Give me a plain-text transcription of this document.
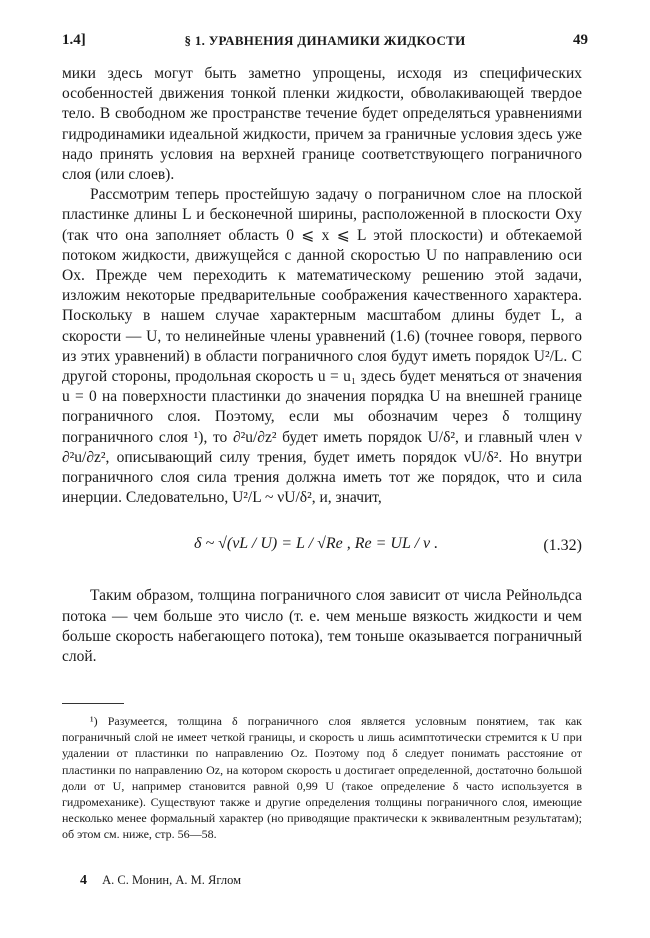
1.4]	§ 1. УРАВНЕНИЯ ДИНАМИКИ ЖИДКОСТИ	49

мики здесь могут быть заметно упрощены, исходя из специфических особенностей движения тонкой пленки жидкости, обволакивающей твердое тело. В свободном же пространстве течение будет определяться уравнениями гидродинамики идеальной жидкости, причем за граничные условия здесь уже надо принять условия на верхней границе соответствующего пограничного слоя (или слоев).

Рассмотрим теперь простейшую задачу о пограничном слое на плоской пластинке длины L и бесконечной ширины, расположенной в плоскости Oxy (так что она заполняет область 0 ⩽ x ⩽ L этой плоскости) и обтекаемой потоком жидкости, движущейся с данной скоростью U по направлению оси Ox. Прежде чем переходить к математическому решению этой задачи, изложим некоторые предварительные соображения качественного характера. Поскольку в нашем случае характерным масштабом длины будет L, а скорости — U, то нелинейные члены уравнений (1.6) (точнее говоря, первого из этих уравнений) в области пограничного слоя будут иметь порядок U²/L. С другой стороны, продольная скорость u = u₁ здесь будет меняться от значения u = 0 на поверхности пластинки до значения порядка U на внешней границе пограничного слоя. Поэтому, если мы обозначим через δ толщину пограничного слоя ¹), то ∂²u/∂z² будет иметь порядок U/δ², и главный член ν ∂²u/∂z², описывающий силу трения, будет иметь порядок νU/δ². Но внутри пограничного слоя сила трения должна иметь тот же порядок, что и сила инерции. Следовательно, U²/L ~ νU/δ², и, значит,

δ ~ √(νL / U) = L / √Re , Re = UL / ν .	(1.32)

Таким образом, толщина пограничного слоя зависит от числа Рейнольдса потока — чем больше это число (т. е. чем меньше вязкость жидкости и чем больше скорость набегающего потока), тем тоньше оказывается пограничный слой.

¹) Разумеется, толщина δ пограничного слоя является условным понятием, так как пограничный слой не имеет четкой границы, и скорость u лишь асимптотически стремится к U при удалении от пластинки по направлению Oz. Поэтому под δ следует понимать расстояние от пластинки по направлению Oz, на котором скорость u достигает определенной, достаточно большой доли от U, например становится равной 0,99 U (такое определение δ часто используется в гидромеханике). Существуют также и другие определения толщины пограничного слоя, имеющие несколько менее формальный характер (но приводящие практически к эквивалентным результатам); об этом см. ниже, стр. 56—58.
4 А. С. Монин, А. М. Яглом
